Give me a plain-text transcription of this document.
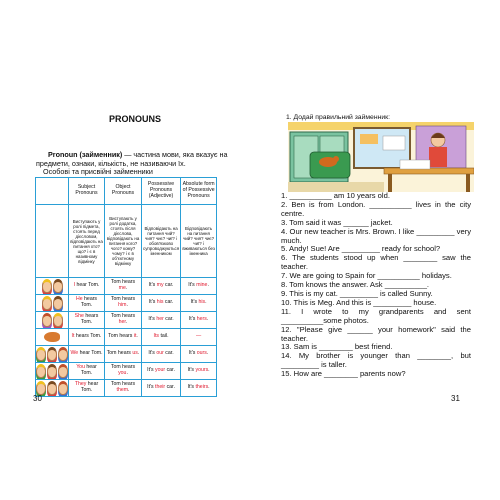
PRONOUNS
Pronoun (займенник) — частина мови, яка вказує на предмети, ознаки, кількість, не називаючи їх.
Особові та присвійні займенники
	Subject Pronouns	Object Pronouns	Possessive Pronouns (Adjective)	Absolute form of Possessive Pronouns
	Виступають у ролі підмета, стоять перед дієсловом, відповідають на питання хто? що? і є в називному відмінку	Виступають у ролі додатка, стоять після дієслова, відповідають на питання кого? чого? кому? чому? і є в об'єктному відмінку	Відповідають на питання чий? чия? чиє? чиї? і обов'язково супроводжуються іменником	Відповідають на питання чий? чия? чиє? чиї? і вживаються без іменника

	I hear Tom.	Tom hears me.	It's my car.	It's mine.

	He hears Tom.	Tom hears him.	It's his car.	It's his.

	She hears Tom.	Tom hears her.	It's her car.	It's hers.

	It hears Tom.	Tom hears it.	Its tail.	—

	We hear Tom.	Tom hears us.	It's our car.	It's ours.

	You hear Tom.	Tom hears you.	It's your car.	It's yours.

	They hear Tom.	Tom hears them.	It's their car.	It's theirs.
30
1. Додай правильний займенник:
1. __________ am 10 years old.
2. Ben is from London. __________ lives in the city centre.
3. Tom said it was ______ jacket.
4. Our new teacher is Mrs. Brown. I like _________ very much.
5. Andy! Sue! Are _________ ready for school?
6. The students stood up when ________ saw the teacher.
7. We are going to Spain for __________ holidays.
8. Tom knows the answer. Ask __________.
9. This is my cat. _________ is called Sunny.
10. This is Meg. And this is _________ house.
11. I wrote to my grandparents and sent __________some photos.
12. "Please give ______ your homework" said the teacher.
13. Sam is ________ best friend.
14. My brother is younger than ________, but _________ is taller.
15. How are ________ parents now?
31
